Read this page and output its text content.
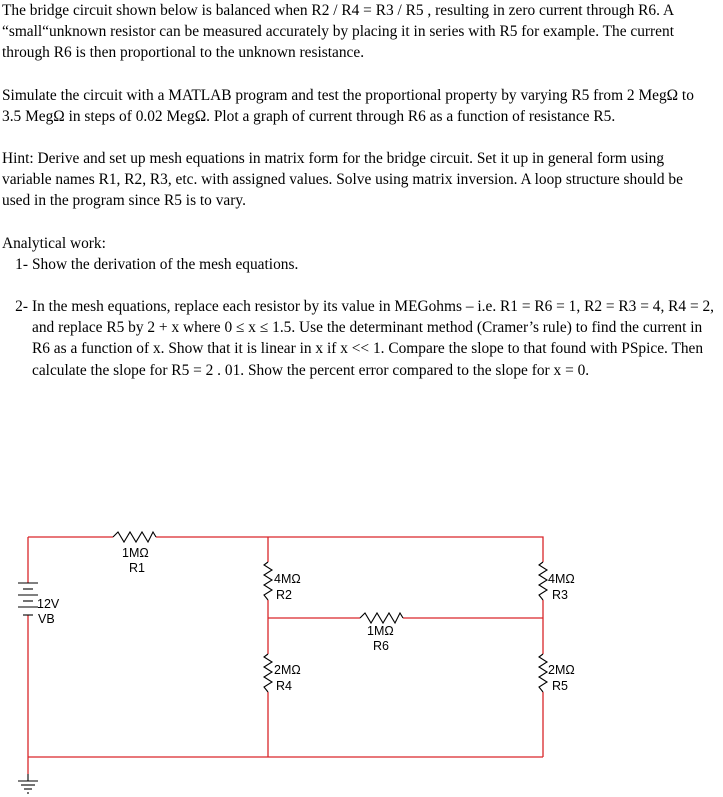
The bridge circuit shown below is balanced when R2 / R4 = R3 / R5 , resulting in zero current through R6. A “small“unknown resistor can be measured accurately by placing it in series with R5 for example. The current through R6 is then proportional to the unknown resistance.

Simulate the circuit with a MATLAB program and test the proportional property by varying R5 from 2 MegΩ to 3.5 MegΩ in steps of 0.02 MegΩ. Plot a graph of current through R6 as a function of resistance R5.

Hint: Derive and set up mesh equations in matrix form for the bridge circuit. Set it up in general form using variable names R1, R2, R3, etc. with assigned values. Solve using matrix inversion. A loop structure should be used in the program since R5 is to vary.

Analytical work:

1- Show the derivation of the mesh equations.
2- In the mesh equations, replace each resistor by its value in MEGohms – i.e. R1 = R6 = 1, R2 = R3 = 4, R4 = 2, and replace R5 by 2 + x where 0 ≤ x ≤ 1.5. Use the determinant method (Cramer’s rule) to find the current in R6 as a function of x. Show that it is linear in x if x << 1. Compare the slope to that found with PSpice. Then calculate the slope for R5 = 2 . 01. Show the percent error compared to the slope for x = 0.
1MΩ
R1
4MΩ
R2
4MΩ
R3
1MΩ
R6
2MΩ
R4
2MΩ
R5
12V
VB
